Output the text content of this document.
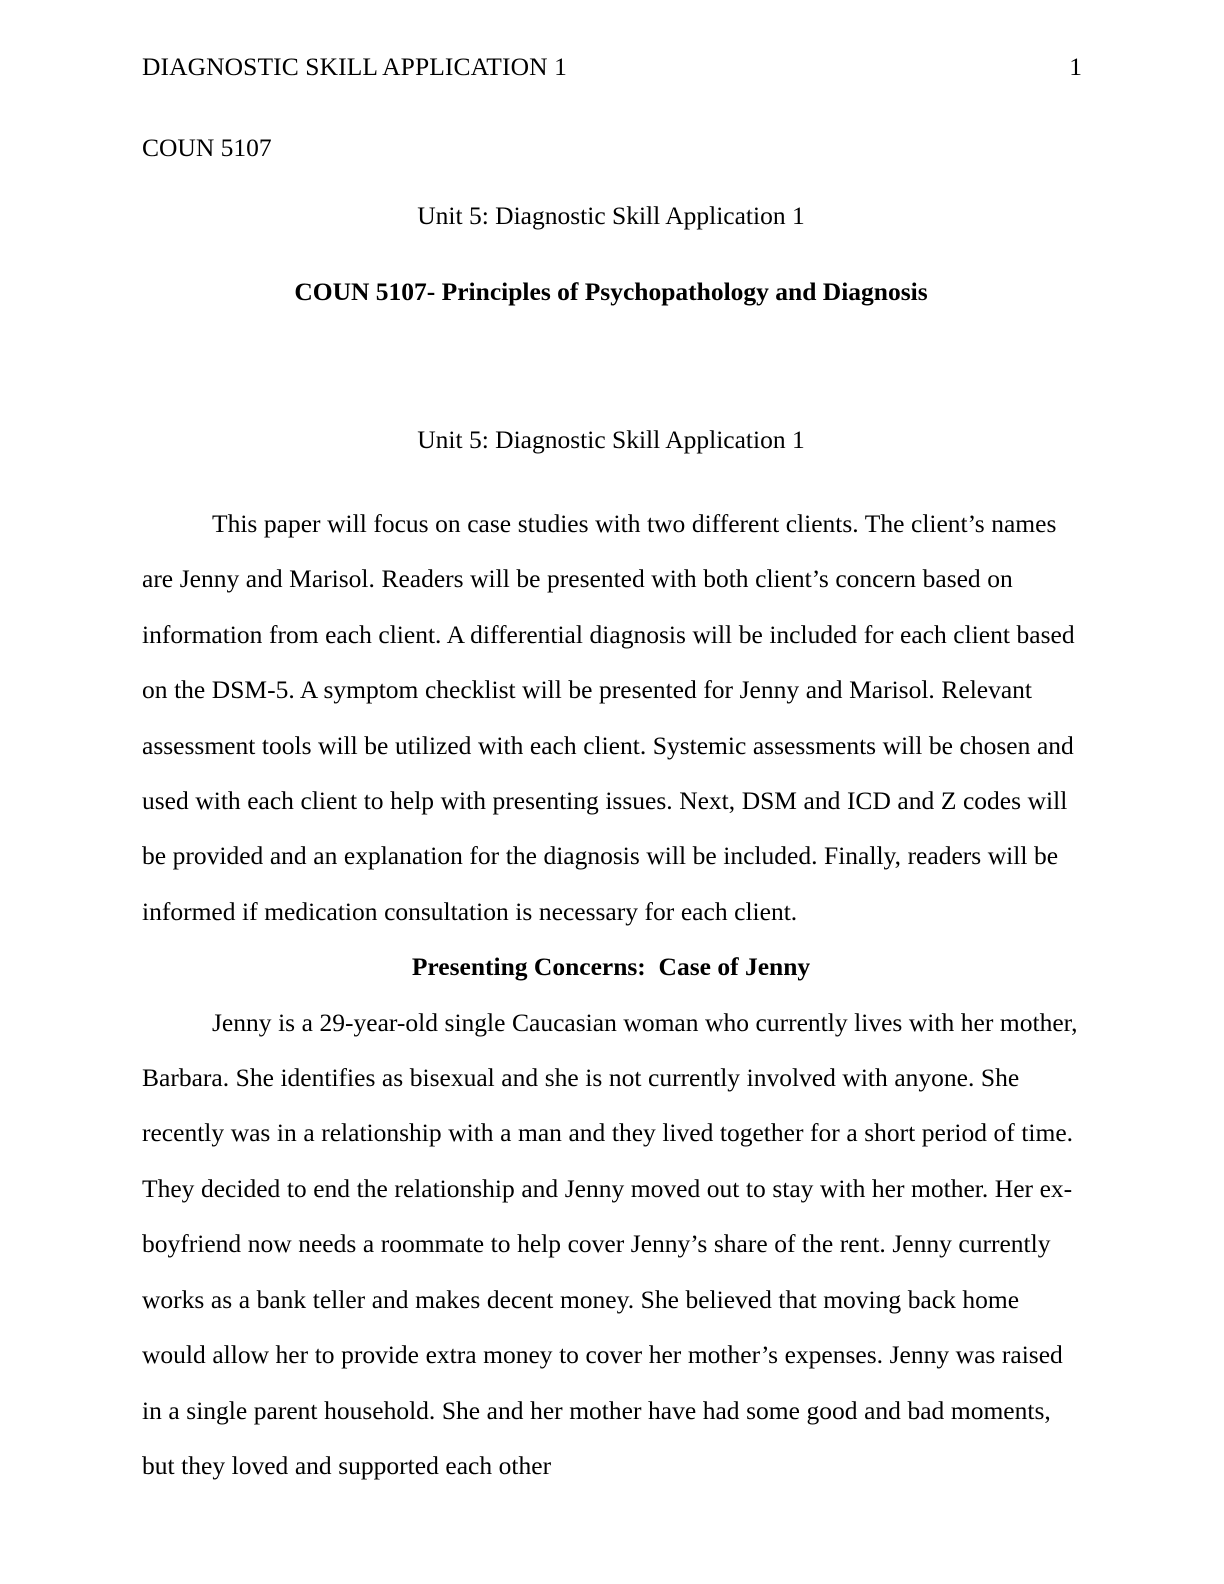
DIAGNOSTIC SKILL APPLICATION 1	1
COUN 5107
Unit 5: Diagnostic Skill Application 1
COUN 5107- Principles of Psychopathology and Diagnosis
Unit 5: Diagnostic Skill Application 1

This paper will focus on case studies with two different clients. The client’s names are Jenny and Marisol. Readers will be presented with both client’s concern based on information from each client. A differential diagnosis will be included for each client based on the DSM-5. A symptom checklist will be presented for Jenny and Marisol. Relevant assessment tools will be utilized with each client. Systemic assessments will be chosen and used with each client to help with presenting issues. Next, DSM and ICD and Z codes will be provided and an explanation for the diagnosis will be included. Finally, readers will be informed if medication consultation is necessary for each client.

Presenting Concerns:  Case of Jenny

Jenny is a 29-year-old single Caucasian woman who currently lives with her mother, Barbara. She identifies as bisexual and she is not currently involved with anyone. She recently was in a relationship with a man and they lived together for a short period of time. They decided to end the relationship and Jenny moved out to stay with her mother. Her ex-boyfriend now needs a roommate to help cover Jenny’s share of the rent. Jenny currently works as a bank teller and makes decent money. She believed that moving back home would allow her to provide extra money to cover her mother’s expenses. Jenny was raised in a single parent household. She and her mother have had some good and bad moments, but they loved and supported each other
